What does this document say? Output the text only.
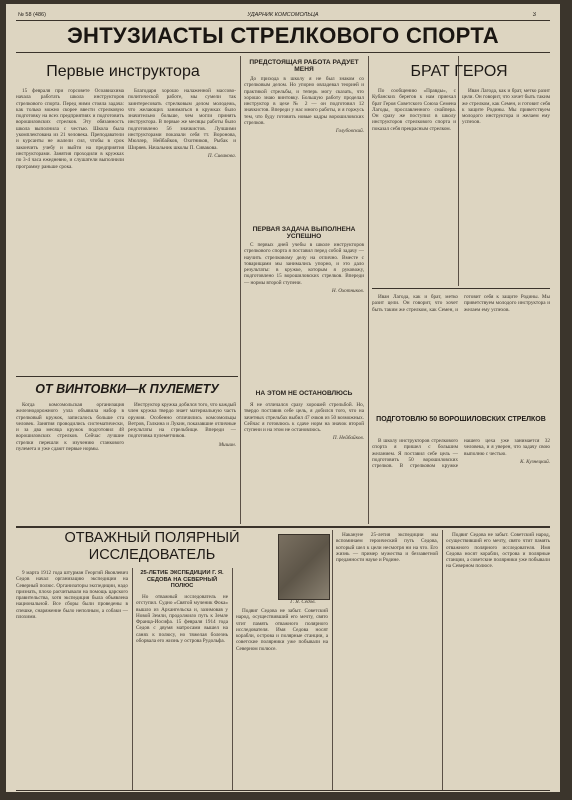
№ 58 (486)	УДАРНИК КОМСОМОЛЬЦА	3
ЭНТУЗИАСТЫ СТРЕЛКОВОГО СПОРТА
Первые инструктора

15 февраля при горсовете Осоавиахима начала работать школа инструкторов стрелкового спорта. Перед ними стояла задача: как только можно скорее ввести стрелковую подготовку на всех предприятиях и подготовить ворошиловских стрелков. Эту обязанность школа выполнила с честью. Школа была укомплектована из 21 человека. Преподаватели и курсанты не жалели сил, чтобы в срок закончить учебу и выйти на предприятия инструкторами. Занятия проходили в кружках по 3-4 часа ежедневно, и слушатели выполнили программу раньше срока.

Благодаря хорошо налаженной массово-политической работе, мы сумели так заинтересовать стрелковым делом молодежь, что желающих заниматься в кружках было значительно больше, чем могли принять инструктора. В первые же месяцы работы было подготовлено 56 значкистов. Лучшими инструкторами показали себя тт. Воронова, Мюллер, Нейбайков, Охотников, Рыбак и Ширяев. Начальник школы П. Сивакова.

П. Сивакова.
ОТ ВИНТОВКИ—К ПУЛЕМЕТУ

Когда комсомольская организация железнодорожного узла объявила набор в стрелковый кружок, записалось больше ста человек. Занятия проводились систематически, и за два месяца кружок подготовил 48 ворошиловских стрелков. Сейчас лучшие стрелки перешли к изучению станкового пулемета и уже сдают первые нормы.

Инструктор кружка добился того, что каждый член кружка твердо знает материальную часть оружия. Особенно отличились комсомольцы Ветров, Галкина и Лукин, показавшие отличные результаты на стрельбище. Впереди — подготовка пулеметчиков.

Мишин.
ПРЕДСТОЯЩАЯ РАБОТА РАДУЕТ МЕНЯ

До прихода в школу я не был знаком со стрелковым делом. Но упорно овладевал теорией и практикой стрельбы, и теперь могу сказать, что хорошо знаю винтовку. Большую работу проделал инструктор в цехе № 2 — он подготовил 12 значкистов. Впереди у нас много работы, и я горжусь тем, что буду готовить новые кадры ворошиловских стрелков.

Голубовский.
ПЕРВАЯ ЗАДАЧА ВЫПОЛНЕНА УСПЕШНО

С первых дней учебы в школе инструкторов стрелкового спорта я поставил перед собой задачу — научить стрелковому делу на отлично. Вместе с товарищами мы занимались упорно, и это дало результаты: в кружке, которым я руковожу, подготовлено 15 ворошиловских стрелков. Впереди — нормы второй ступени.

Н. Охотников.
НА ЭТОМ НЕ ОСТАНОВЛЮСЬ

Я не отличался сразу хорошей стрельбой. Но, твердо поставив себе цель, я добился того, что на зачетных стрельбах выбил 47 очков из 50 возможных. Сейчас я готовлюсь к сдаче норм на значок второй ступени и на этом не остановлюсь.

П. Нейбайков.
БРАТ ГЕРОЯ

По сообщению «Правды», с Кубанских берегов к нам приехал брат Героя Советского Союза Семена Лагоды, прославленного снайпера. Он сразу же поступил в школу инструкторов стрелкового спорта и показал себя прекрасным стрелком.

Иван Лагода, как и брат, метко разит цели. Он говорит, что хочет быть таким же стрелком, как Семен, и готовит себя к защите Родины. Мы приветствуем молодого инструктора и желаем ему успехов.

ПОДГОТОВЛЮ 50 ВОРОШИЛОВСКИХ СТРЕЛКОВ

В школу инструкторов стрелкового спорта я пришел с большим желанием. Я поставил себе цель — подготовить 50 ворошиловских стрелков. В стрелковом кружке нашего цеха уже занимается 32 человека, и я уверен, что задачу свою выполню с честью.

К. Кузнецкий.

Иван Лагода, как и брат, метко разит цели. Он говорит, что хочет быть таким же стрелком, как Семен, и готовит себя к защите Родины. Мы приветствуем молодого инструктора и желаем ему успехов.

ОТВАЖНЫЙ ПОЛЯРНЫЙ ИССЛЕДОВАТЕЛЬ
25-ЛЕТИЕ ЭКСПЕДИЦИИ Г. Я. СЕДОВА НА СЕВЕРНЫЙ ПОЛЮС
Г. Я. Седов.

9 марта 1912 года штурман Георгий Яковлевич Седов начал организацию экспедиции на Северный полюс. Организаторы экспедиции, надо признать, плохо расчитывали на помощь царского правительства, хотя экспедиция была объявлена национальной. Все сборы были проведены в спешке, снаряжение было неполным, а собаки — плохими.

Но отважный исследователь не отступил. Судно «Святой мученик Фока» вышло из Архангельска и, зазимовав у Новой Земли, продолжило путь к Земле Франца-Иосифа. 15 февраля 1914 года Седов с двумя матросами вышел на санях к полюсу, но тяжелая болезнь оборвала его жизнь у острова Рудольфа.

Подвиг Седова не забыт. Советский народ, осуществивший его мечту, свято чтит память отважного полярного исследователя. Имя Седова носят корабли, острова и полярные станции, а советские полярники уже побывали на Северном полюсе.

Накануне 25-летия экспедиции мы вспоминаем героический путь Седова, который шел к цели несмотря ни на что. Его жизнь — пример мужества и беззаветной преданности науке и Родине.

Подвиг Седова не забыт. Советский народ, осуществивший его мечту, свято чтит память отважного полярного исследователя. Имя Седова носят корабли, острова и полярные станции, а советские полярники уже побывали на Северном полюсе.
